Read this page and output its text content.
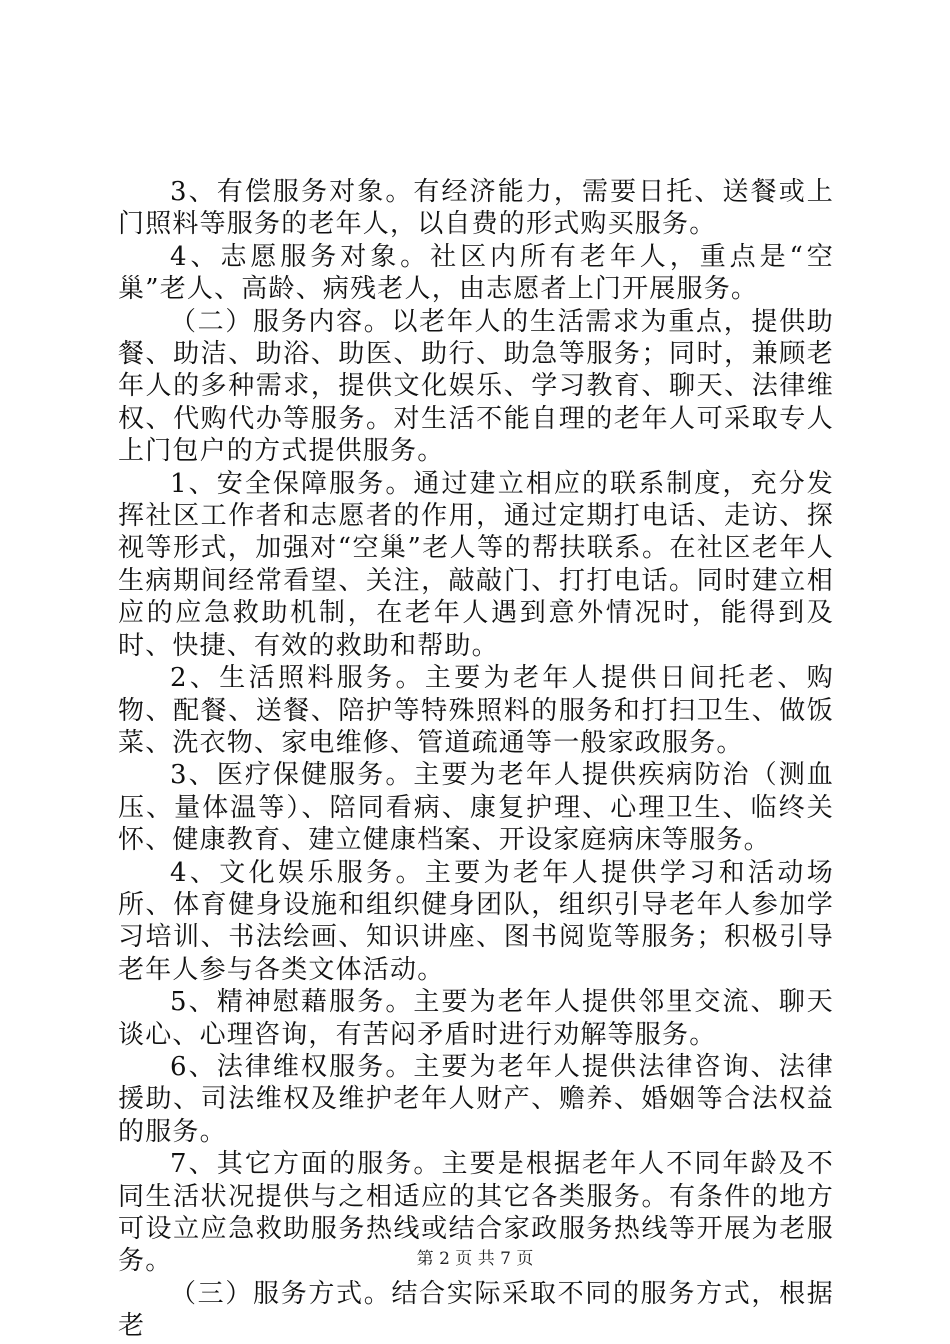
3、有偿服务对象。有经济能力，需要日托、送餐或上门照料等服务的老年人，以自费的形式购买服务。

4、志愿服务对象。社区内所有老年人，重点是“空巢”老人、高龄、病残老人，由志愿者上门开展服务。

（二）服务内容。以老年人的生活需求为重点，提供助餐、助洁、助浴、助医、助行、助急等服务；同时，兼顾老年人的多种需求，提供文化娱乐、学习教育、聊天、法律维权、代购代办等服务。对生活不能自理的老年人可采取专人上门包户的方式提供服务。

1、安全保障服务。通过建立相应的联系制度，充分发挥社区工作者和志愿者的作用，通过定期打电话、走访、探视等形式，加强对“空巢”老人等的帮扶联系。在社区老年人生病期间经常看望、关注，敲敲门、打打电话。同时建立相应的应急救助机制，在老年人遇到意外情况时，能得到及时、快捷、有效的救助和帮助。

2、生活照料服务。主要为老年人提供日间托老、购物、配餐、送餐、陪护等特殊照料的服务和打扫卫生、做饭菜、洗衣物、家电维修、管道疏通等一般家政服务。

3、医疗保健服务。主要为老年人提供疾病防治（测血压、量体温等）、陪同看病、康复护理、心理卫生、临终关怀、健康教育、建立健康档案、开设家庭病床等服务。

4、文化娱乐服务。主要为老年人提供学习和活动场所、体育健身设施和组织健身团队，组织引导老年人参加学习培训、书法绘画、知识讲座、图书阅览等服务；积极引导老年人参与各类文体活动。

5、精神慰藉服务。主要为老年人提供邻里交流、聊天谈心、心理咨询，有苦闷矛盾时进行劝解等服务。

6、法律维权服务。主要为老年人提供法律咨询、法律援助、司法维权及维护老年人财产、赡养、婚姻等合法权益的服务。

7、其它方面的服务。主要是根据老年人不同年龄及不同生活状况提供与之相适应的其它各类服务。有条件的地方可设立应急救助服务热线或结合家政服务热线等开展为老服务。

（三）服务方式。结合实际采取不同的服务方式，根据老

第 2 页 共 7 页
